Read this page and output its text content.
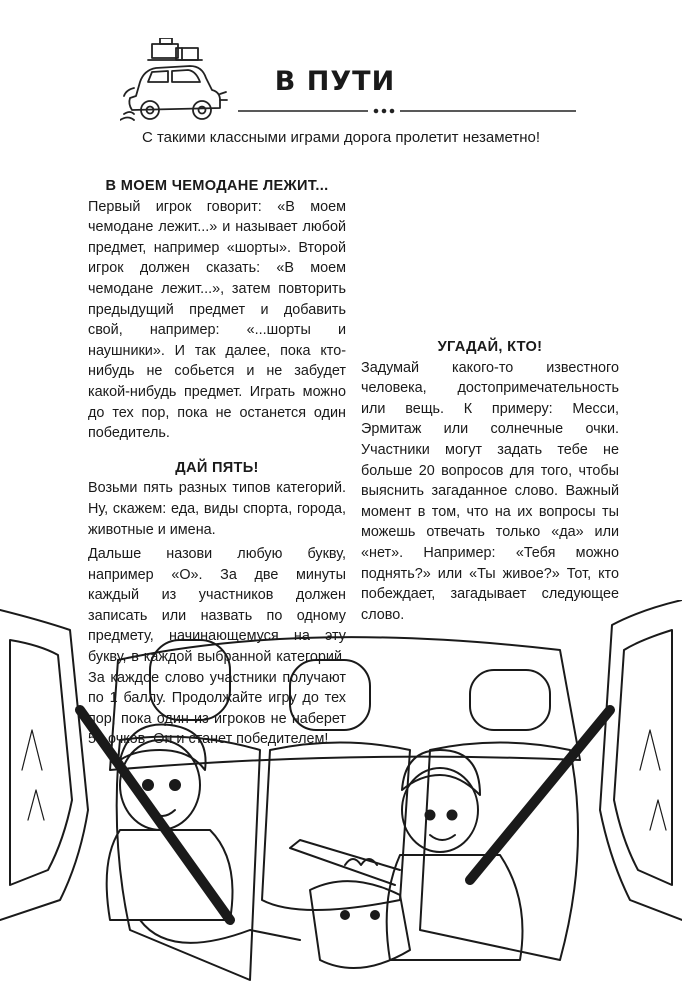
В ПУТИ
С такими классными играми дорога пролетит незаметно!
В МОЕМ ЧЕМОДАНЕ ЛЕЖИТ...

Первый игрок говорит: «В моем чемодане лежит...» и называет любой предмет, например «шорты». Второй игрок должен сказать: «В моем чемодане лежит...», затем повторить предыдущий предмет и добавить свой, например: «...шорты и наушники». И так далее, пока кто-нибудь не собьется и не забудет какой-нибудь предмет. Играть можно до тех пор, пока не останется один победитель.

ДАЙ ПЯТЬ!

Возьми пять разных типов категорий. Ну, скажем: еда, виды спорта, города, животные и имена.

Дальше назови любую букву, например «О». За две минуты каждый из участников должен записать или назвать по одному предмету, начинающемуся на эту букву, в каждой выбранной категорий. За каждое слово участники получают по 1 баллу. Продолжайте игру до тех пор, пока один из игроков не наберет 50 очков. Он и станет победителем!

УГАДАЙ, КТО!

Задумай какого-то известного человека, достопримечательность или вещь. К примеру: Месси, Эрмитаж или солнечные очки. Участники могут задать тебе не больше 20 вопросов для того, чтобы выяснить загаданное слово. Важный момент в том, что на их вопросы ты можешь отвечать только «да» или «нет». Например: «Тебя можно поднять?» или «Ты живое?» Тот, кто побеждает, загадывает следующее слово.
